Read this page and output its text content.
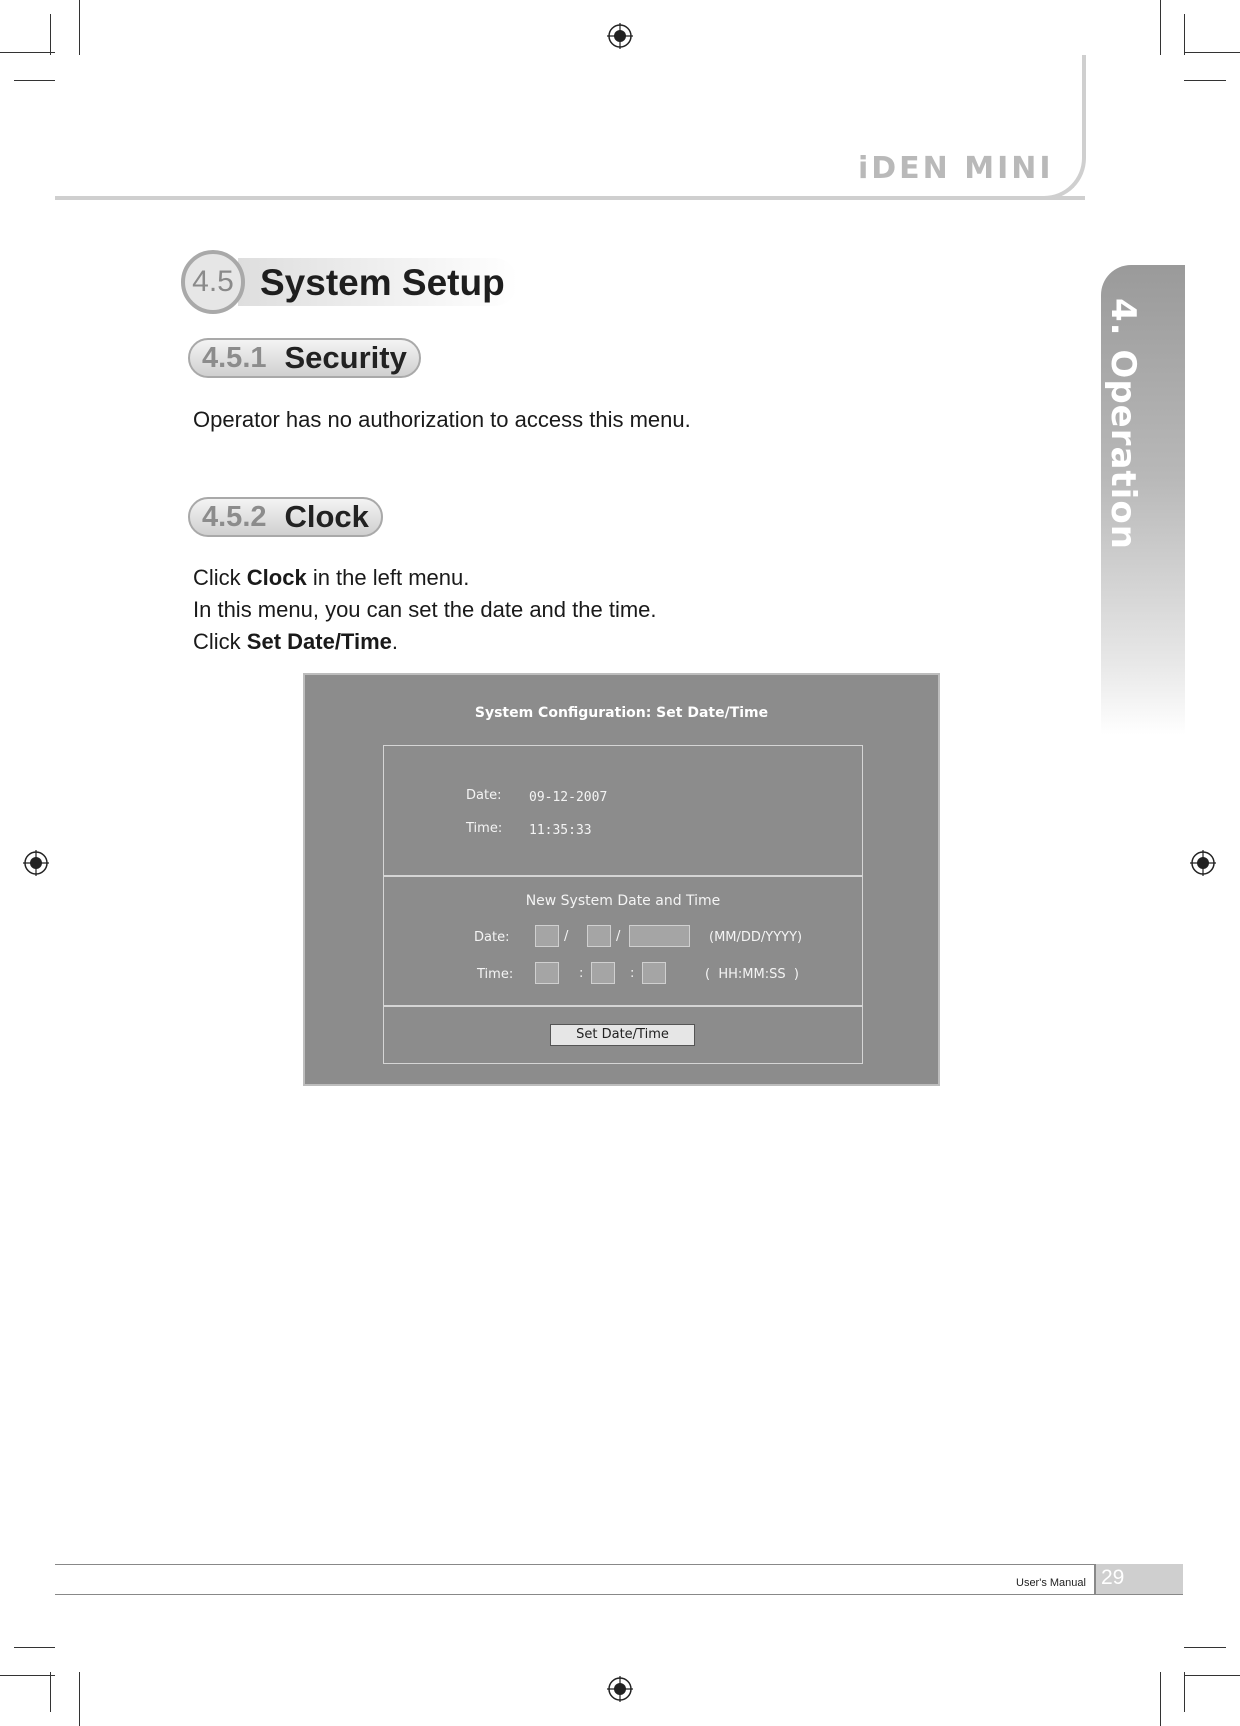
iDEN MINI
4. Operation
4.5 System Setup
4.5.1 Security
Operator has no authorization to access this menu.
4.5.2 Clock
Click Clock in the left menu.
In this menu, you can set the date and the time.
Click Set Date/Time.
System Configuration: Set Date/Time
Date: 09-12-2007
Time: 11:35:33
New System Date and Time
Date:	/	/	(MM/DD/YYYY)
Time:	:	:	(  HH:MM:SS  )
Set Date/Time
User's Manual 29
